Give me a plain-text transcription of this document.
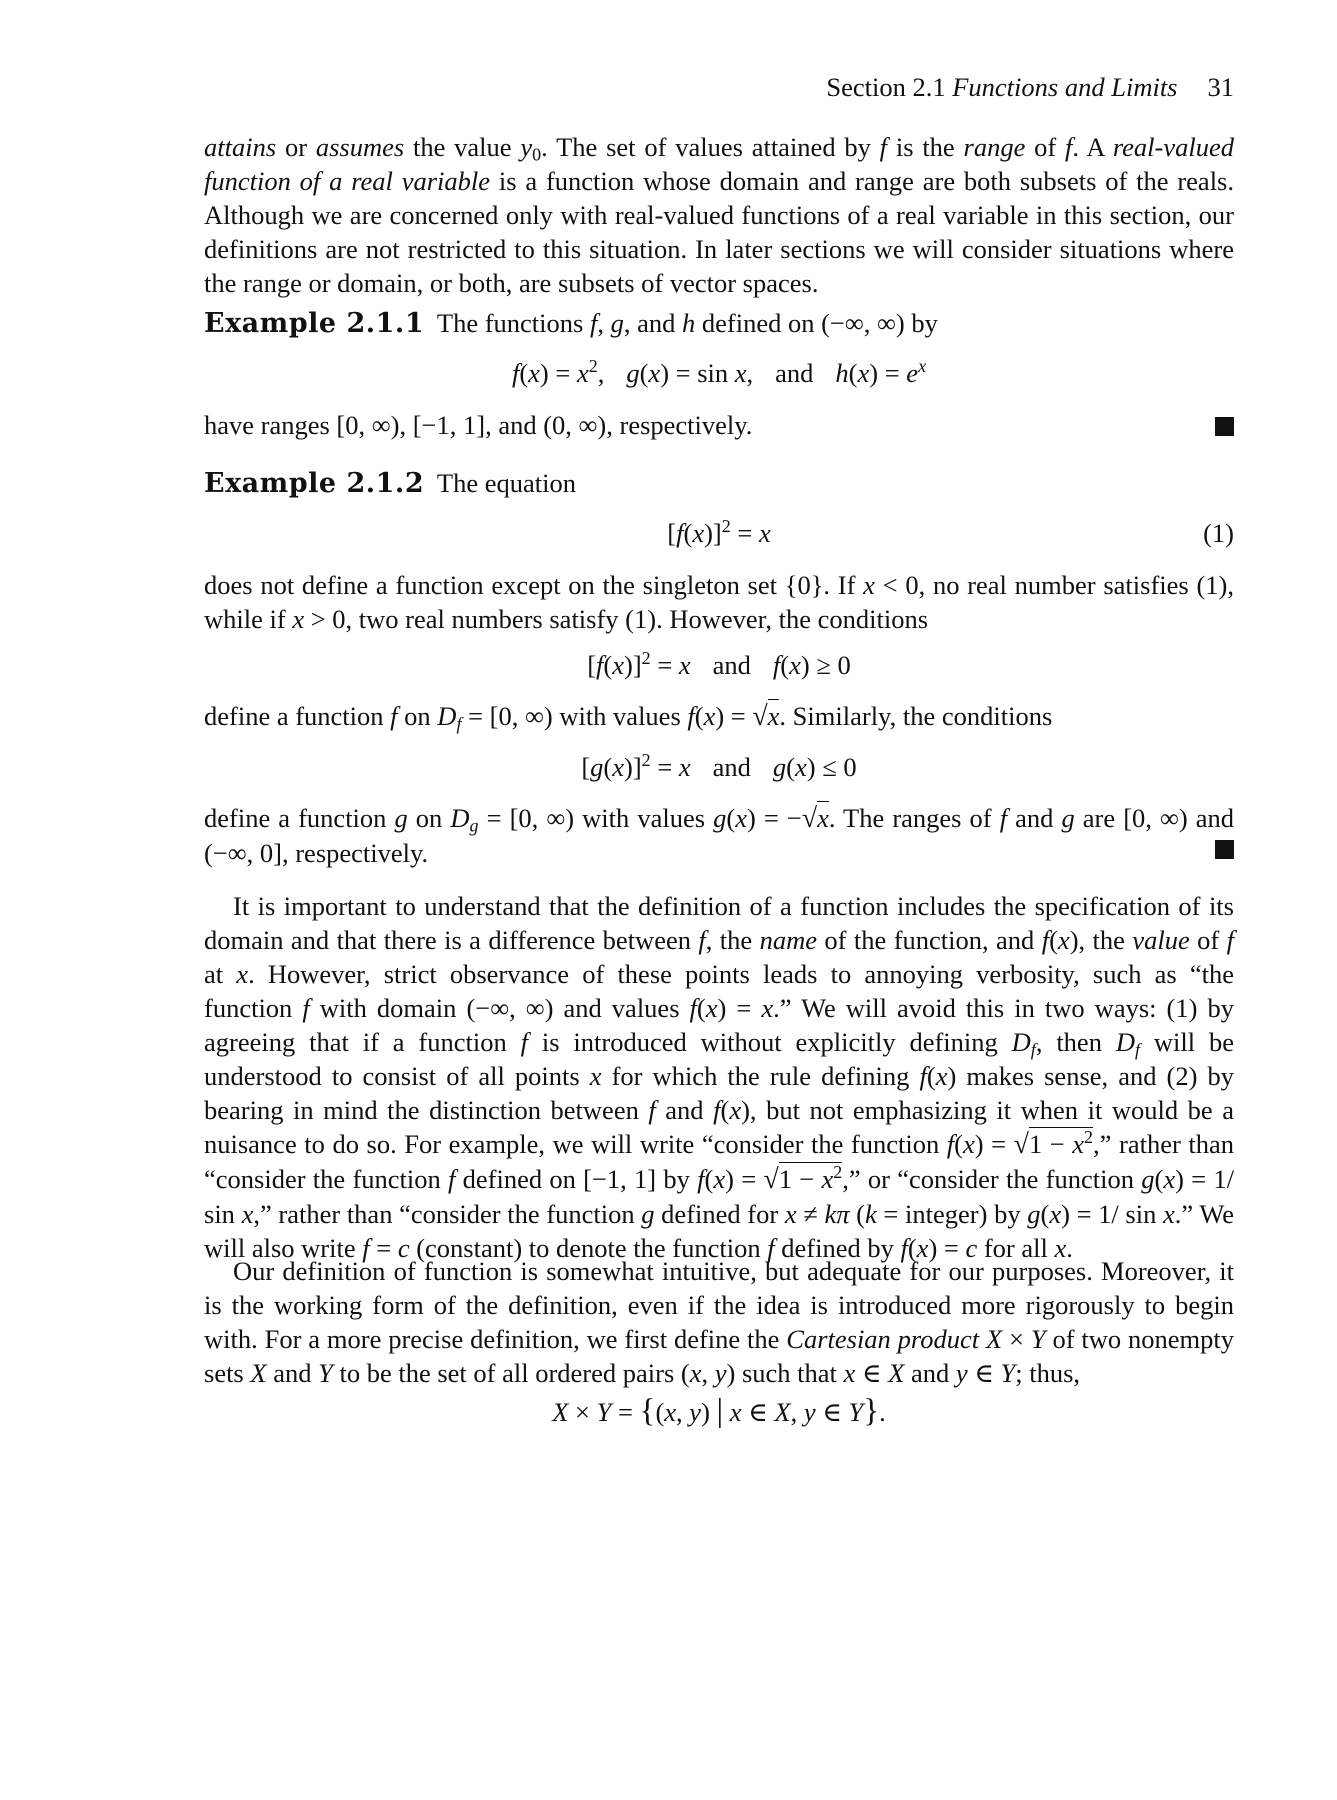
Section 2.1 Functions and Limits 31
attains or assumes the value $y_0$. The set of values attained by f is the range of f. A real-valued function of a real variable is a function whose domain and range are both subsets of the reals. Although we are concerned only with real-valued functions of a real variable in this section, our definitions are not restricted to this situation. In later sections we will consider situations where the range or domain, or both, are subsets of vector spaces.
Example 2.1.1  The functions f, g, and h defined on (−∞, ∞) by
$f(x) = x^2$, g(x) = sin x, and $h(x) = e^x$
have ranges [0, ∞), [−1, 1], and (0, ∞), respectively.
Example 2.1.2  The equation
$[f(x)]^2 = x$	(1)
does not define a function except on the singleton set {0}. If x < 0, no real number satisfies (1), while if x > 0, two real numbers satisfy (1). However, the conditions
$[f(x)]^2 = x$ and f(x) ≥ 0
define a function f on $D_f = [0$, ∞) with values f(x) = √x. Similarly, the conditions
$[g(x)]^2 = x$ and g(x) ≤ 0
define a function g on $D_g = [0$, ∞) with values g(x) = −√x. The ranges of f and g are [0, ∞) and (−∞, 0], respectively.
It is important to understand that the definition of a function includes the specification of its domain and that there is a difference between f, the name of the function, and f(x), the value of f at x. However, strict observance of these points leads to annoying verbosity, such as “the function f with domain (−∞, ∞) and values f(x) = x.” We will avoid this in two ways: (1) by agreeing that if a function f is introduced without explicitly defining $D_f$, then $D_f$ will be understood to consist of all points x for which the rule defining f(x) makes sense, and (2) by bearing in mind the distinction between f and f(x), but not emphasizing it when it would be a nuisance to do so. For example, we will write “consider the function $f(x) = √1 - x^2$,” rather than “consider the function f defined on [−1, 1] by $f(x) = √1 - x^2$,” or “consider the function g(x) = 1/ sin x,” rather than “consider the function g defined for x ≠ kπ (k = integer) by g(x) = 1/ sin x.” We will also write f = c (constant) to denote the function f defined by f(x) = c for all x.
Our definition of function is somewhat intuitive, but adequate for our purposes. Moreover, it is the working form of the definition, even if the idea is introduced more rigorously to begin with. For a more precise definition, we first define the Cartesian product X × Y of two nonempty sets X and Y to be the set of all ordered pairs (x, y) such that x ∈ X and y ∈ Y; thus,
X × Y = {(x, y) | x ∈ X, y ∈ Y}.
